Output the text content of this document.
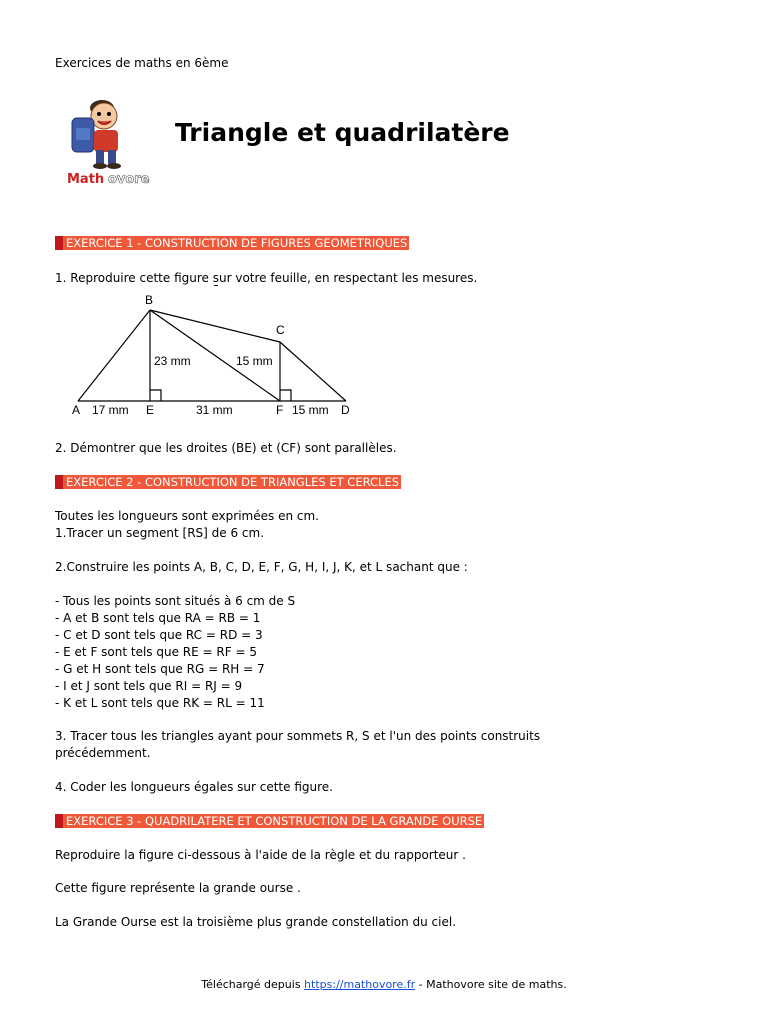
Exercices de maths en 6ème
Math ovore
Triangle et quadrilatère
EXERCICE 1 - CONSTRUCTION DE FIGURES GEOMETRIQUES
1. Reproduire cette figure sur votre feuille, en respectant les mesures.
B
C
A	E	F	D
23 mm	15 mm
17 mm	31 mm	15 mm
2. Démontrer que les droites (BE) et (CF) sont parallèles.
EXERCICE 2 - CONSTRUCTION DE TRIANGLES ET CERCLES
Toutes les longueurs sont exprimées en cm.
1.Tracer un segment [RS] de 6 cm.
2.Construire les points A, B, C, D, E, F, G, H, I, J, K, et L sachant que :
- Tous les points sont situés à 6 cm de S
- A et B sont tels que RA = RB = 1
- C et D sont tels que RC = RD = 3
- E et F sont tels que RE = RF = 5
- G et H sont tels que RG = RH = 7
- I et J sont tels que RI = RJ = 9
- K et L sont tels que RK = RL = 11
3. Tracer tous les triangles ayant pour sommets R, S et l'un des points construits
précédemment.
4. Coder les longueurs égales sur cette figure.
EXERCICE 3 - QUADRILATERE ET CONSTRUCTION DE LA GRANDE OURSE
Reproduire la figure ci-dessous à l'aide de la règle et du rapporteur .
Cette figure représente la grande ourse .
La Grande Ourse est la troisième plus grande constellation du ciel.
Téléchargé depuis https://mathovore.fr - Mathovore site de maths.
